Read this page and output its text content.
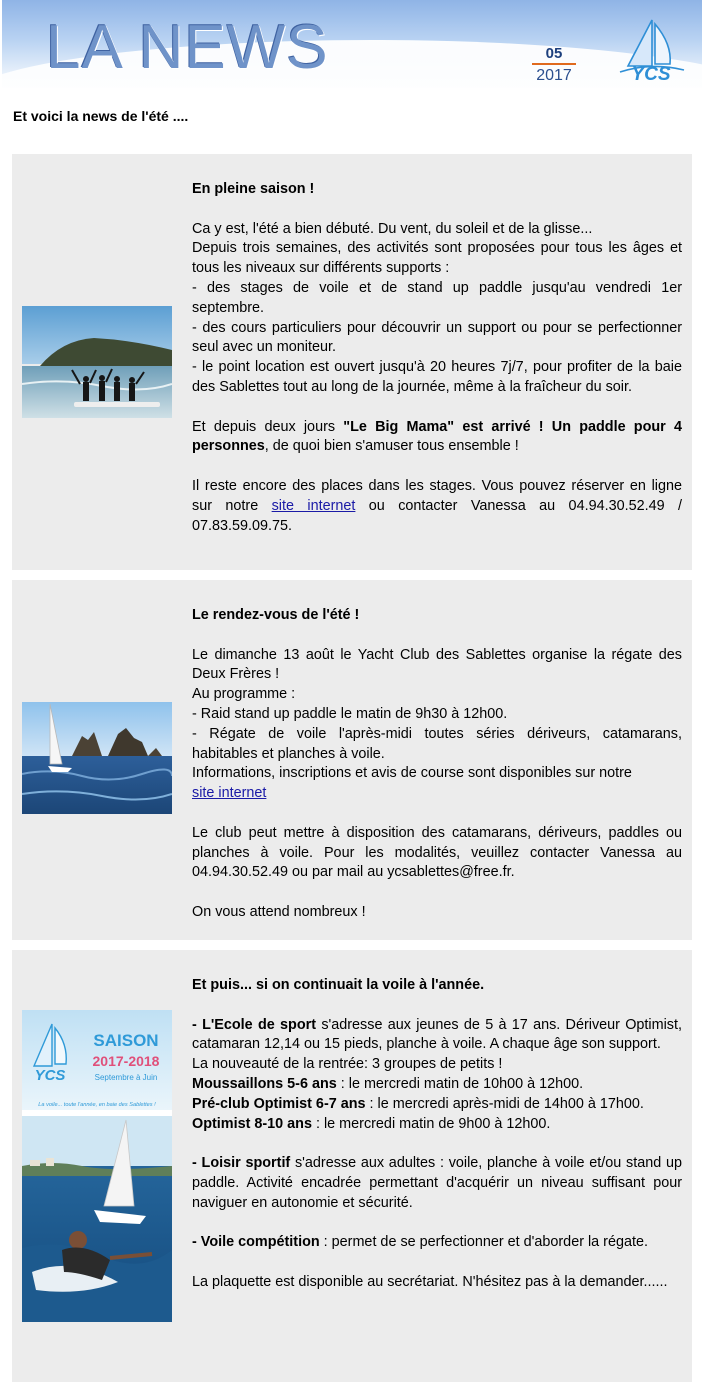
LA NEWS	05
2017	YCS
Et voici la news de l'été ....
En pleine saison !

Ca y est, l'été a bien débuté. Du vent, du soleil et de la glisse...

Depuis trois semaines, des activités sont proposées pour tous les âges et tous les niveaux sur différents supports :

- des stages de voile et de stand up paddle jusqu'au vendredi 1er septembre.

- des cours particuliers pour découvrir un support ou pour se perfectionner seul avec un moniteur.

- le point location est ouvert jusqu'à 20 heures 7j/7, pour profiter de la baie des Sablettes tout au long de la journée, même à la fraîcheur du soir.

Et depuis deux jours "Le Big Mama" est arrivé ! Un paddle pour 4 personnes, de quoi bien s'amuser tous ensemble !

Il reste encore des places dans les stages. Vous pouvez réserver en ligne sur notre site internet ou contacter Vanessa au 04.94.30.52.49 / 07.83.59.09.75.

Le rendez-vous de l'été !

Le dimanche 13 août le Yacht Club des Sablettes organise la régate des Deux Frères !

Au programme :

- Raid stand up paddle le matin de 9h30 à 12h00.

- Régate de voile l'après-midi toutes séries dériveurs, catamarans, habitables et planches à voile.

Informations, inscriptions et avis de course sont disponibles sur notre

site internet

Le club peut mettre à disposition des catamarans, dériveurs, paddles ou planches à voile. Pour les modalités, veuillez contacter Vanessa au 04.94.30.52.49 ou par mail au ycsablettes@free.fr.

On vous attend nombreux !

YCS
SAISON
2017-2018
Septembre à Juin
La voile... toute l'année, en baie des Sablettes !
Et puis... si on continuait la voile à l'année.

- L'Ecole de sport s'adresse aux jeunes de 5 à 17 ans. Dériveur Optimist, catamaran 12,14 ou 15 pieds, planche à voile. A chaque âge son support.

La nouveauté de la rentrée: 3 groupes de petits !

Moussaillons 5-6 ans : le mercredi matin de 10h00 à 12h00.

Pré-club Optimist 6-7 ans : le mercredi après-midi de 14h00 à 17h00.

Optimist 8-10 ans : le mercredi matin de 9h00 à 12h00.

- Loisir sportif s'adresse aux adultes : voile, planche à voile et/ou stand up paddle. Activité encadrée permettant d'acquérir un niveau suffisant pour naviguer en autonomie et sécurité.

- Voile compétition : permet de se perfectionner et d'aborder la régate.

La plaquette est disponible au secrétariat. N'hésitez pas à la demander......
